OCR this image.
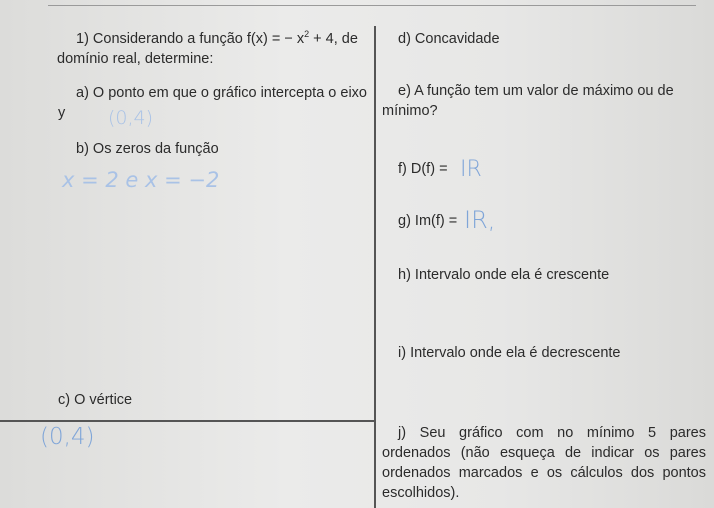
1) Considerando a função f(x) = − $x^2 + 4$, de
domínio real, determine:
a) O ponto em que o gráfico intercepta o eixo
y (0,4)
b) Os zeros da função
x = 2 e x = −2
c) O vértice
(0,4)
d) Concavidade
e) A função tem um valor de máximo ou de
mínimo?
f) D(f) = IR
g) Im(f) = IR,
h) Intervalo onde ela é crescente
i) Intervalo onde ela é decrescente
j) Seu gráfico com no mínimo 5 pares
ordenados (não esqueça de indicar os pares
ordenados marcados e os cálculos dos pontos
escolhidos).
